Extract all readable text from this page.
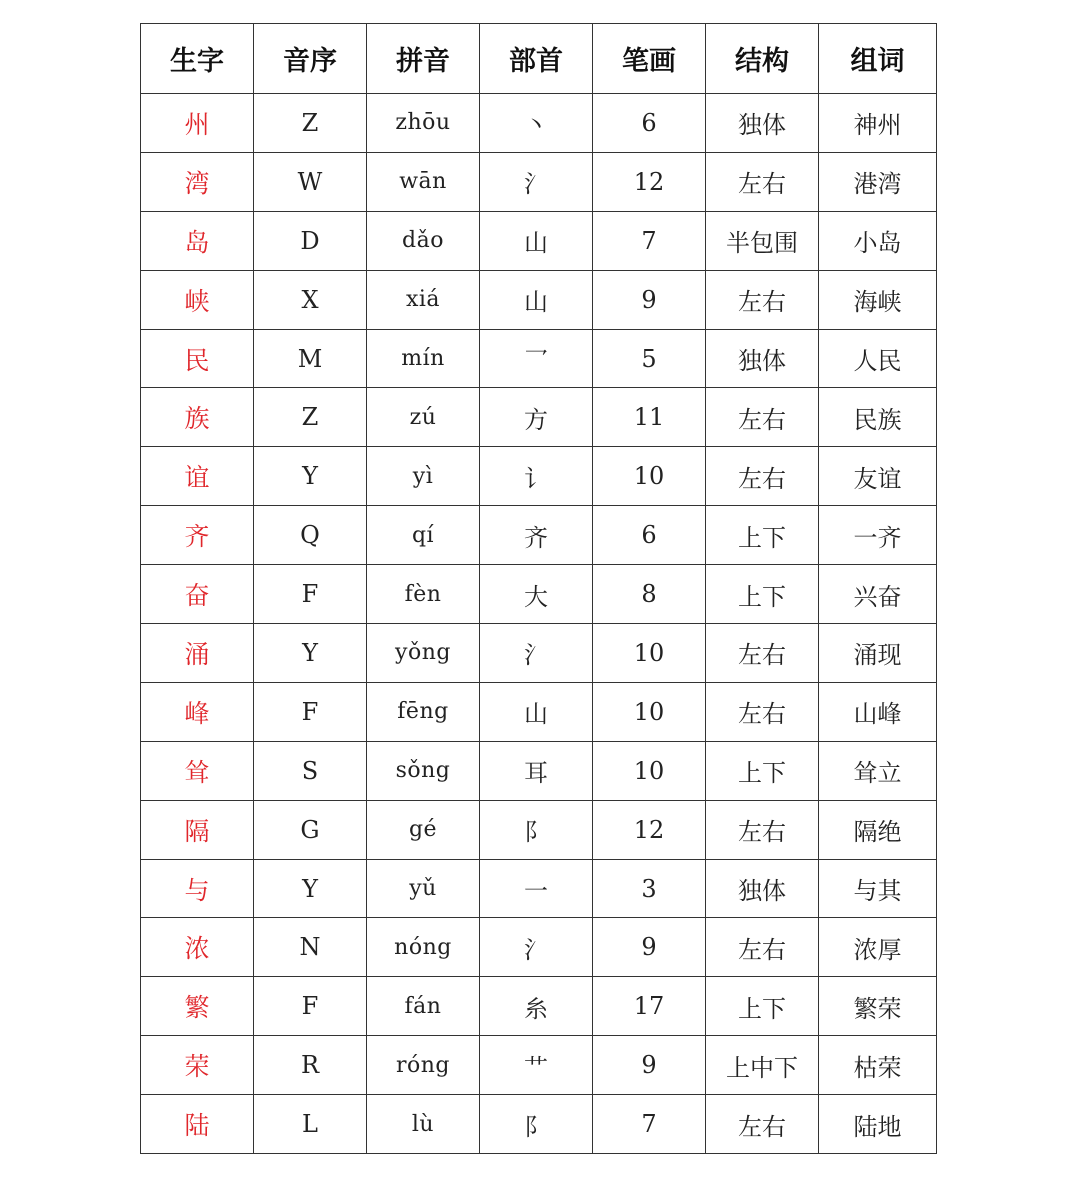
生字	音序	拼音	部首	笔画	结构	组词
州	Z	zhōu	丶	6	独体	神州
湾	W	wān	氵	12	左右	港湾
岛	D	dǎo	山	7	半包围	小岛
峡	X	xiá	山	9	左右	海峡
民	M	mín	乛	5	独体	人民
族	Z	zú	方	11	左右	民族
谊	Y	yì	讠	10	左右	友谊
齐	Q	qí	齐	6	上下	一齐
奋	F	fèn	大	8	上下	兴奋
涌	Y	yǒng	氵	10	左右	涌现
峰	F	fēng	山	10	左右	山峰
耸	S	sǒng	耳	10	上下	耸立
隔	G	gé	阝	12	左右	隔绝
与	Y	yǔ	一	3	独体	与其
浓	N	nóng	氵	9	左右	浓厚
繁	F	fán	糸	17	上下	繁荣
荣	R	róng	艹	9	上中下	枯荣
陆	L	lù	阝	7	左右	陆地
